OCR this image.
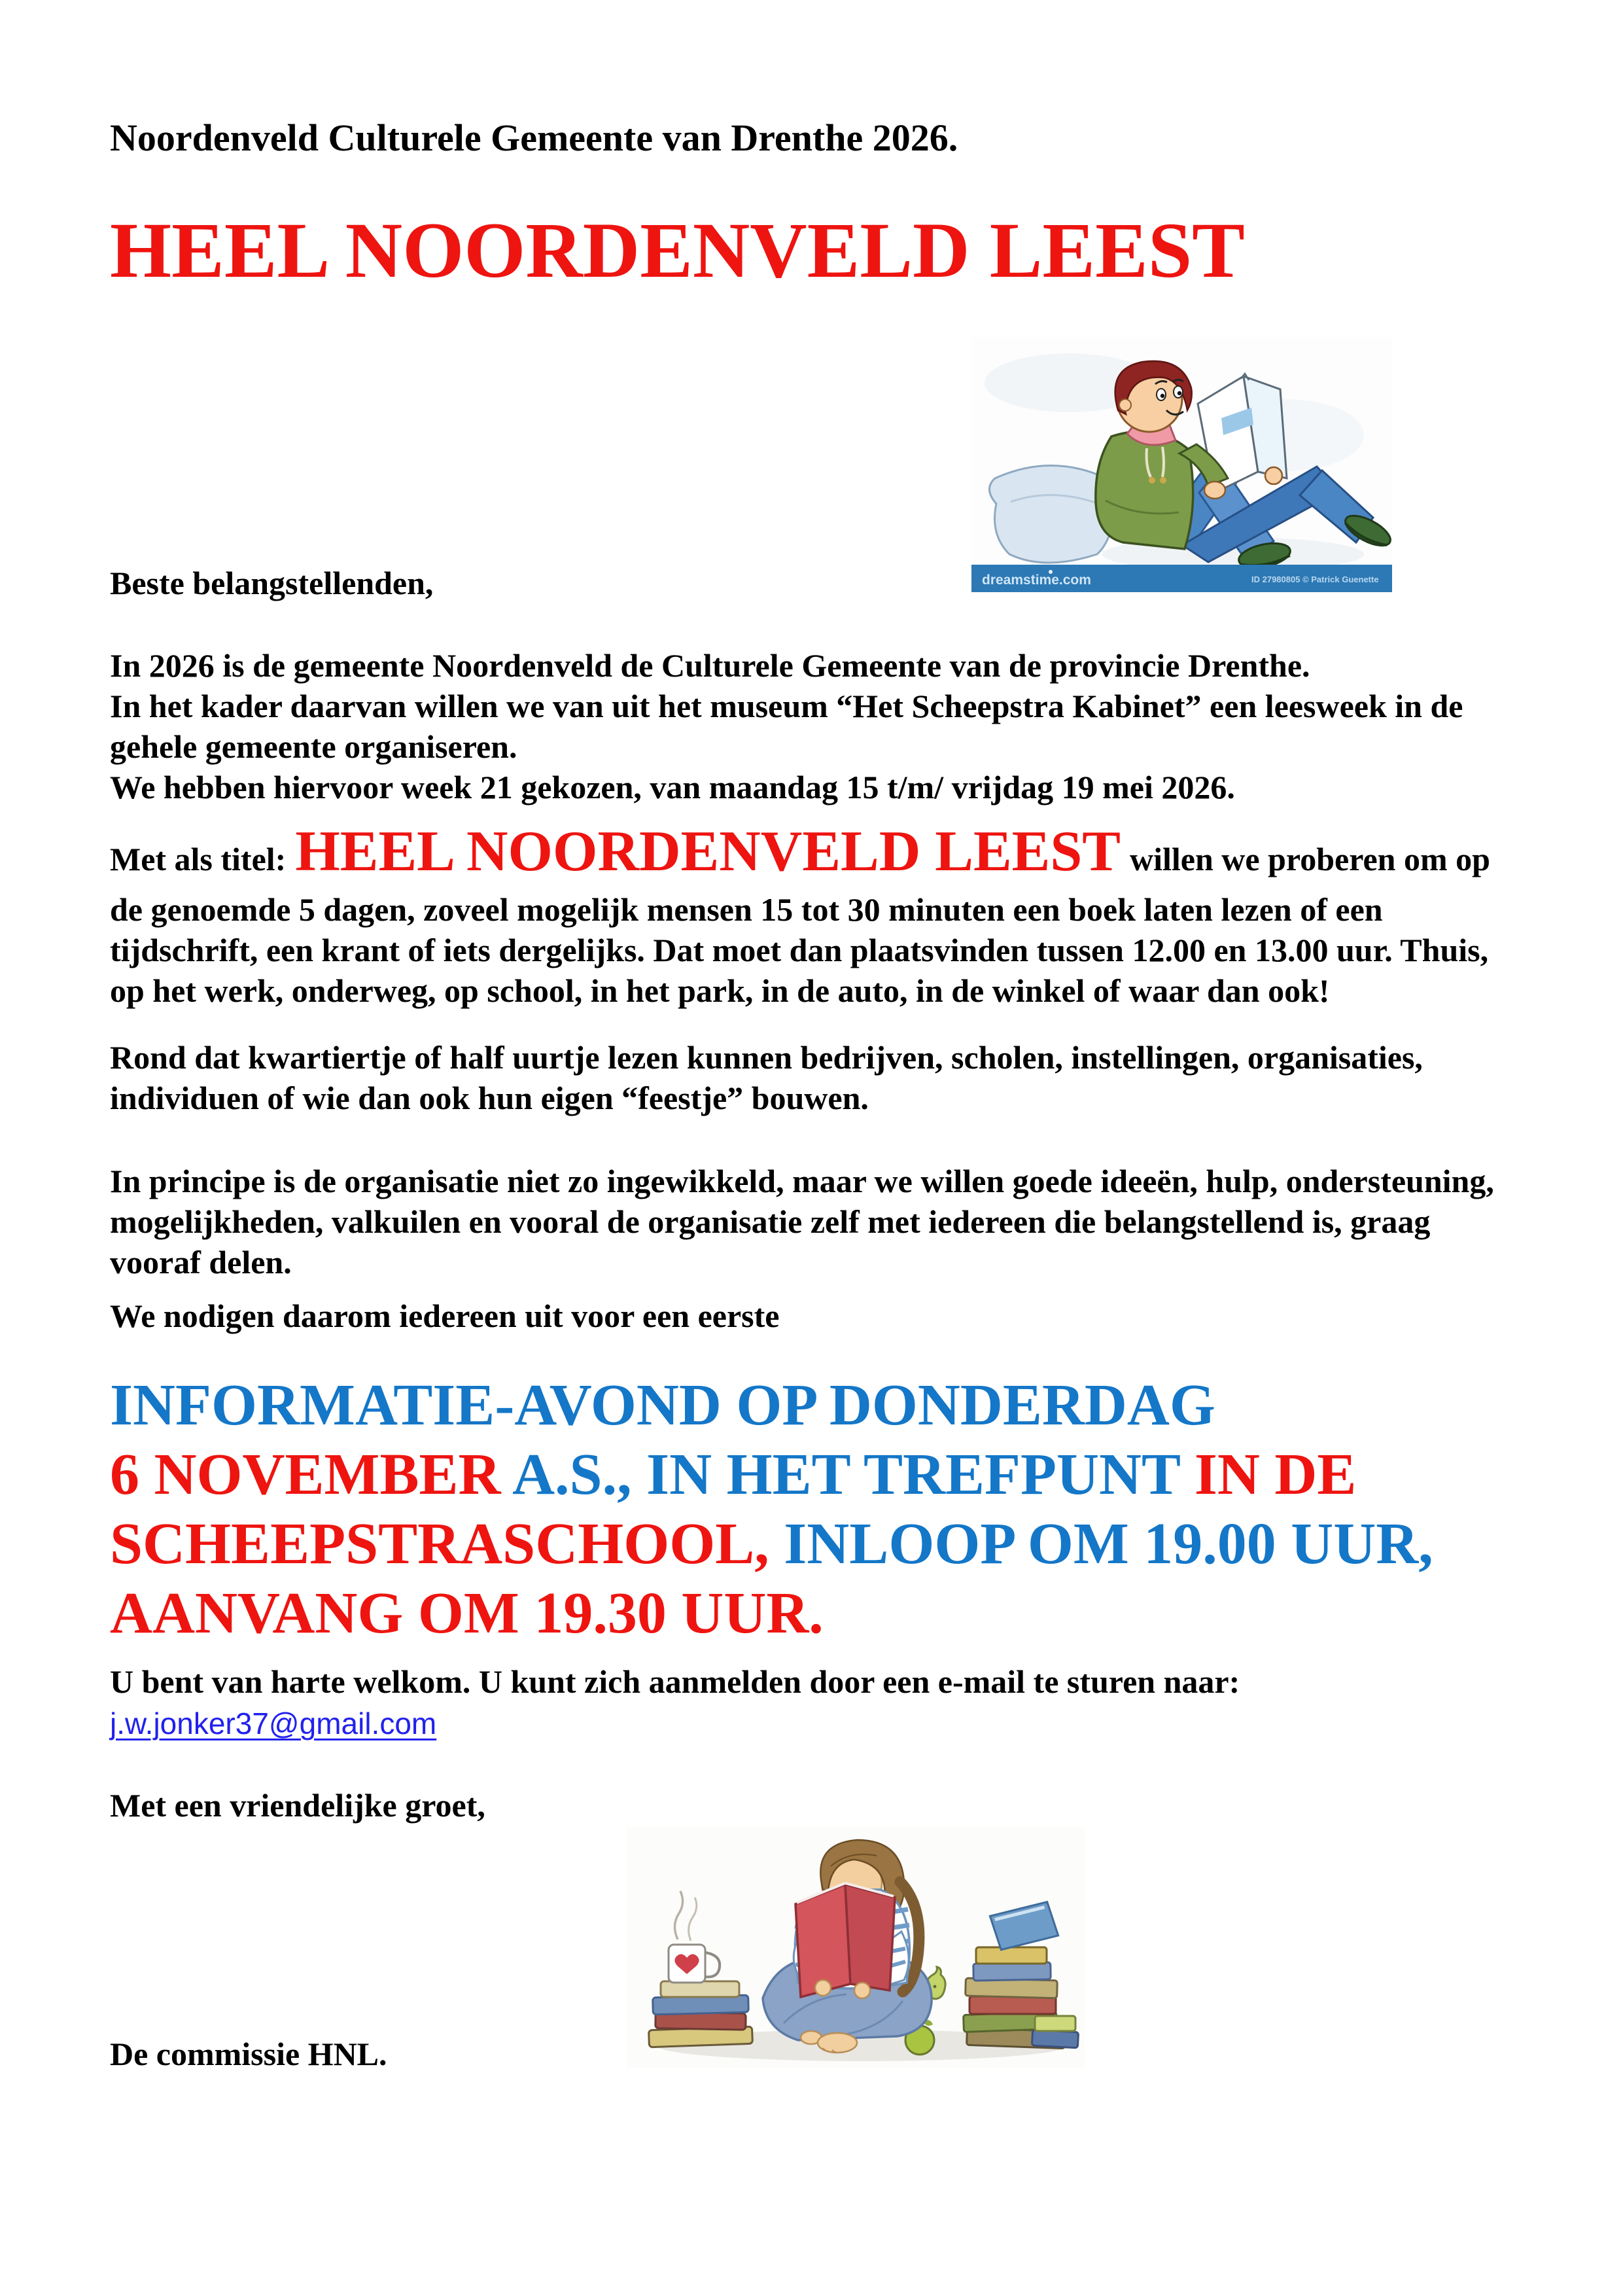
Noordenveld Culturele Gemeente van Drenthe 2026.
HEEL NOORDENVELD LEEST
dreamstime.com	ID 27980805 © Patrick Guenette
Beste belangstellenden,
In 2026 is de gemeente Noordenveld de Culturele Gemeente van de provincie Drenthe.
In het kader daarvan willen we van uit het museum “Het Scheepstra Kabinet” een leesweek in de
gehele gemeente organiseren.
We hebben hiervoor week 21 gekozen, van maandag 15 t/m/ vrijdag 19 mei 2026.
Met als titel: HEEL NOORDENVELD LEEST willen we proberen om op
de genoemde 5 dagen, zoveel mogelijk mensen 15 tot 30 minuten een boek laten lezen of een
tijdschrift, een krant of iets dergelijks. Dat moet dan plaatsvinden tussen 12.00 en 13.00 uur. Thuis,
op het werk, onderweg, op school, in het park, in de auto, in de winkel of waar dan ook!
Rond dat kwartiertje of half uurtje lezen kunnen bedrijven, scholen, instellingen, organisaties,
individuen of wie dan ook hun eigen “feestje” bouwen.
In principe is de organisatie niet zo ingewikkeld, maar we willen goede ideeën, hulp, ondersteuning,
mogelijkheden, valkuilen en vooral de organisatie zelf met iedereen die belangstellend is, graag
vooraf delen.
We nodigen daarom iedereen uit voor een eerste
INFORMATIE-AVOND OP DONDERDAG
6 NOVEMBER A.S., IN HET TREFPUNT IN DE
SCHEEPSTRASCHOOL, INLOOP OM 19.00 UUR,
AANVANG OM 19.30 UUR.
U bent van harte welkom. U kunt zich aanmelden door een e-mail te sturen naar:
j.w.jonker37@gmail.com
Met een vriendelijke groet,
De commissie HNL.
